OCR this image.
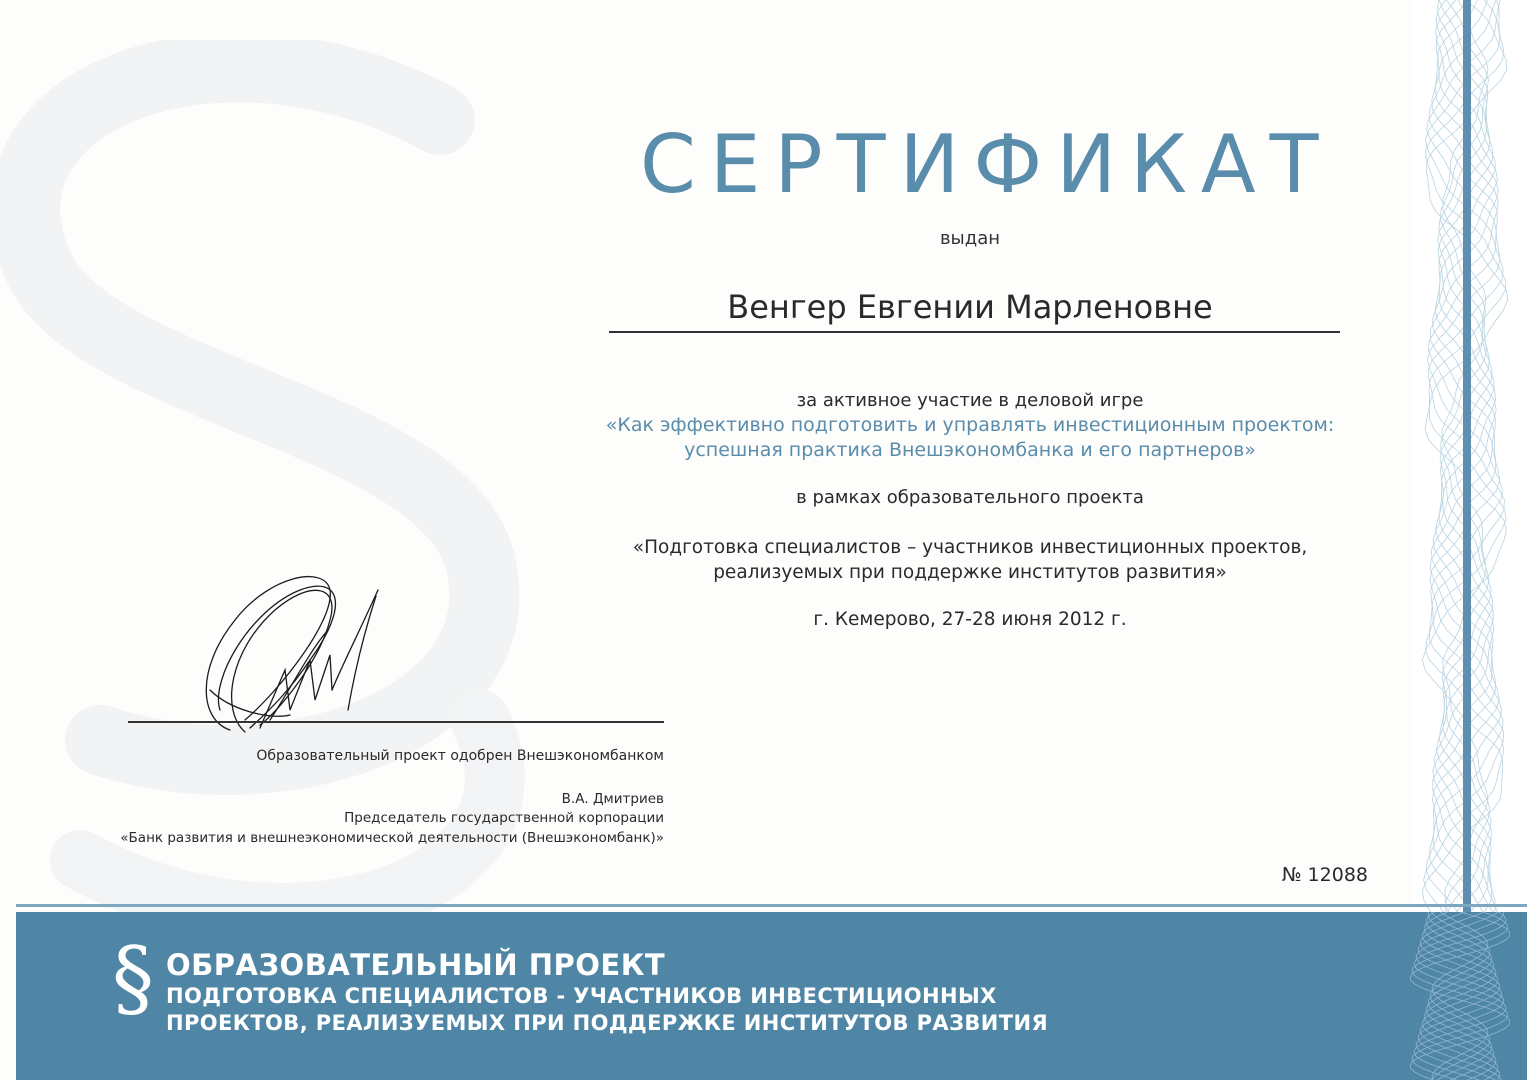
СЕРТИФИКАТ
выдан
Венгер Евгении Марленовне
за активное участие в деловой игре
«Как эффективно подготовить и управлять инвестиционным проектом:
успешная практика Внешэкономбанка и его партнеров»
в рамках образовательного проекта
«Подготовка специалистов – участников инвестиционных проектов,
реализуемых при поддержке институтов развития»
г. Кемерово, 27-28 июня 2012 г.
Образовательный проект одобрен Внешэкономбанком
В.А. Дмитриев
Председатель государственной корпорации
«Банк развития и внешнеэкономической деятельности (Внешэкономбанк)»
№ 12088
§ ОБРАЗОВАТЕЛЬНЫЙ ПРОЕКТ
ПОДГОТОВКА СПЕЦИАЛИСТОВ - УЧАСТНИКОВ ИНВЕСТИЦИОННЫХ
ПРОЕКТОВ, РЕАЛИЗУЕМЫХ ПРИ ПОДДЕРЖКЕ ИНСТИТУТОВ РАЗВИТИЯ
